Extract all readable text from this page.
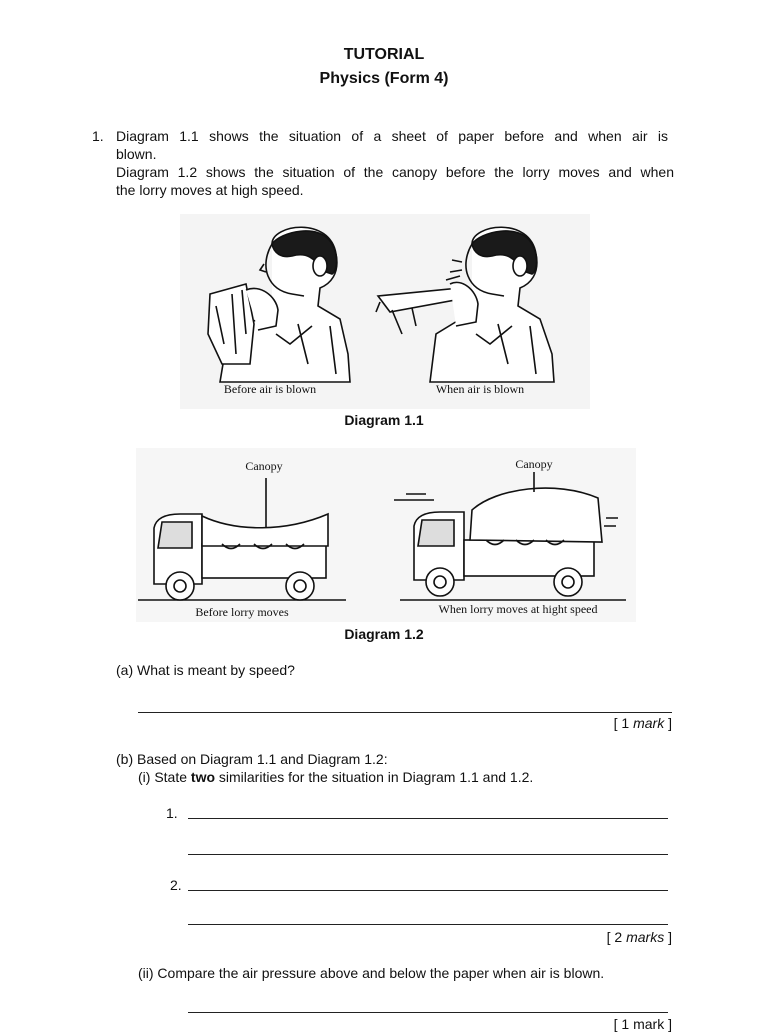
TUTORIAL
Physics (Form 4)
1. Diagram 1.1 shows the situation of a sheet of paper before and when air is
blown.
Diagram 1.2 shows the situation of the canopy before the lorry moves and when
the lorry moves at high speed.
Before air is blown	When air is blown
Diagram 1.1
Canopy	Canopy
Before lorry moves	When lorry moves at hight speed
Diagram 1.2
(a) What is meant by speed?
[ 1 mark ]
(b) Based on Diagram 1.1 and Diagram 1.2:
(i) State two similarities for the situation in Diagram 1.1 and 1.2.
1.
2.
[ 2 marks ]
(ii) Compare the air pressure above and below the paper when air is blown.
[ 1 mark ]
